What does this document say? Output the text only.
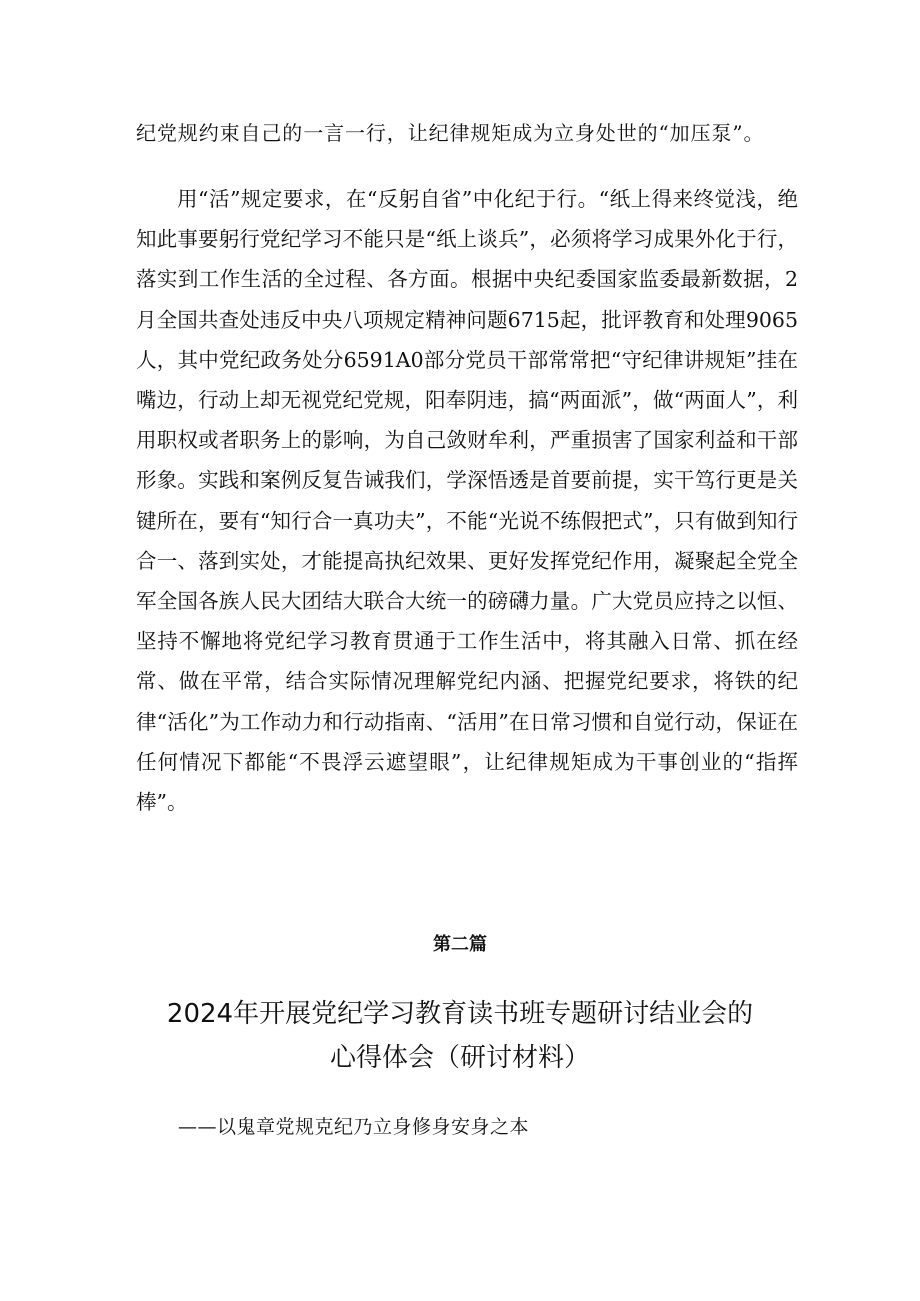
纪党规约束自己的一言一行，让纪律规矩成为立身处世的“加压泵”。
用“活”规定要求，在“反躬自省”中化纪于行。“纸上得来终觉浅，绝知此事要躬行党纪学习不能只是“纸上谈兵”，必须将学习成果外化于行，落实到工作生活的全过程、各方面。根据中央纪委国家监委最新数据，2月全国共查处违反中央八项规定精神问题6715起，批评教育和处理9065人，其中党纪政务处分6591A0部分党员干部常常把“守纪律讲规矩”挂在嘴边，行动上却无视党纪党规，阳奉阴违，搞“两面派”，做“两面人”，利用职权或者职务上的影响，为自己敛财牟利，严重损害了国家利益和干部形象。实践和案例反复告诫我们，学深悟透是首要前提，实干笃行更是关键所在，要有“知行合一真功夫”，不能“光说不练假把式”，只有做到知行合一、落到实处，才能提高执纪效果、更好发挥党纪作用，凝聚起全党全军全国各族人民大团结大联合大统一的磅礴力量。广大党员应持之以恒、坚持不懈地将党纪学习教育贯通于工作生活中，将其融入日常、抓在经常、做在平常，结合实际情况理解党纪内涵、把握党纪要求，将铁的纪律“活化”为工作动力和行动指南、“活用”在日常习惯和自觉行动，保证在任何情况下都能“不畏浮云遮望眼”，让纪律规矩成为干事创业的“指挥棒”。
第二篇
2024年开展党纪学习教育读书班专题研讨结业会的心得体会（研讨材料）
——以鬼章党规克纪乃立身修身安身之本
